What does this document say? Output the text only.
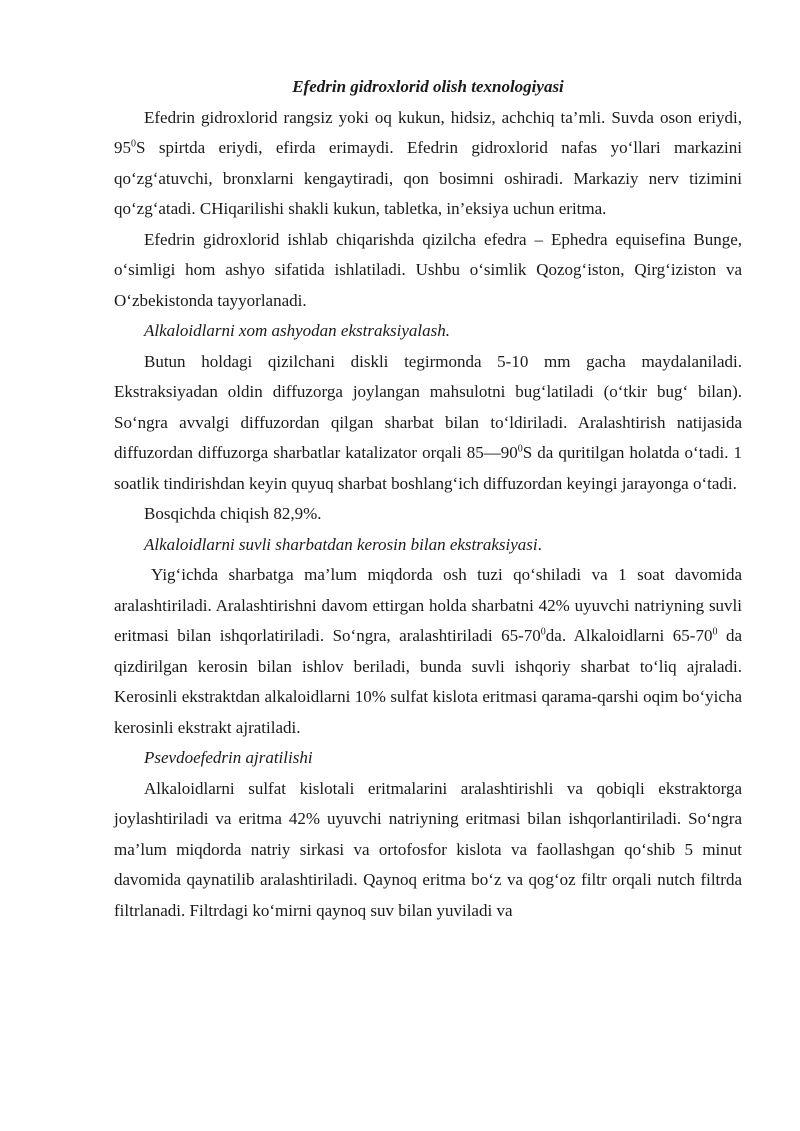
Efedrin gidroxlorid olish texnologiyasi

Efedrin gidroxlorid rangsiz yoki oq kukun, hidsiz, achchiq ta’mli. Suvda oson eriydi, $95^0S$ spirtda eriydi, efirda erimaydi. Efedrin gidroxlorid nafas yo‘llari markazini qo‘zg‘atuvchi, bronxlarni kengaytiradi, qon bosimni oshiradi. Markaziy nerv tizimini qo‘zg‘atadi. CHiqarilishi shakli kukun, tabletka, in’eksiya uchun eritma.

Efedrin gidroxlorid ishlab chiqarishda qizilcha efedra – Ephedra equisefina Bunge, o‘simligi hom ashyo sifatida ishlatiladi. Ushbu o‘simlik Qozog‘iston, Qirg‘iziston va O‘zbekistonda tayyorlanadi.

Alkaloidlarni xom ashyodan ekstraksiyalash.

Butun holdagi qizilchani diskli tegirmonda 5-10 mm gacha maydalaniladi. Ekstraksiyadan oldin diffuzorga joylangan mahsulotni bug‘latiladi (o‘tkir bug‘ bilan). So‘ngra avvalgi diffuzordan qilgan sharbat bilan to‘ldiriladi. Aralashtirish natijasida diffuzordan diffuzorga sharbatlar katalizator orqali $85—90^0S$ da quritilgan holatda o‘tadi. 1 soatlik tindirishdan keyin quyuq sharbat boshlang‘ich diffuzordan keyingi jarayonga o‘tadi.

Bosqichda chiqish 82,9%.

Alkaloidlarni suvli sharbatdan kerosin bilan ekstraksiyasi.

Yig‘ichda sharbatga ma’lum miqdorda osh tuzi qo‘shiladi va 1 soat davomida aralashtiriladi. Aralashtirishni davom ettirgan holda sharbatni 42% uyuvchi natriyning suvli eritmasi bilan ishqorlatiriladi. So‘ngra, aralashtiriladi $65-70^0da$. Alkaloidlarni $65-70^0$ da qizdirilgan kerosin bilan ishlov beriladi, bunda suvli ishqoriy sharbat to‘liq ajraladi. Kerosinli ekstraktdan alkaloidlarni 10% sulfat kislota eritmasi qarama-qarshi oqim bo‘yicha kerosinli ekstrakt ajratiladi.

Psevdoefedrin ajratilishi

Alkaloidlarni sulfat kislotali eritmalarini aralashtirishli va qobiqli ekstraktorga joylashtiriladi va eritma 42% uyuvchi natriyning eritmasi bilan ishqorlantiriladi. So‘ngra ma’lum miqdorda natriy sirkasi va ortofosfor kislota va faollashgan qo‘shib 5 minut davomida qaynatilib aralashtiriladi. Qaynoq eritma bo‘z va qog‘oz filtr orqali nutch filtrda filtrlanadi. Filtrdagi ko‘mirni qaynoq suv bilan yuviladi va
